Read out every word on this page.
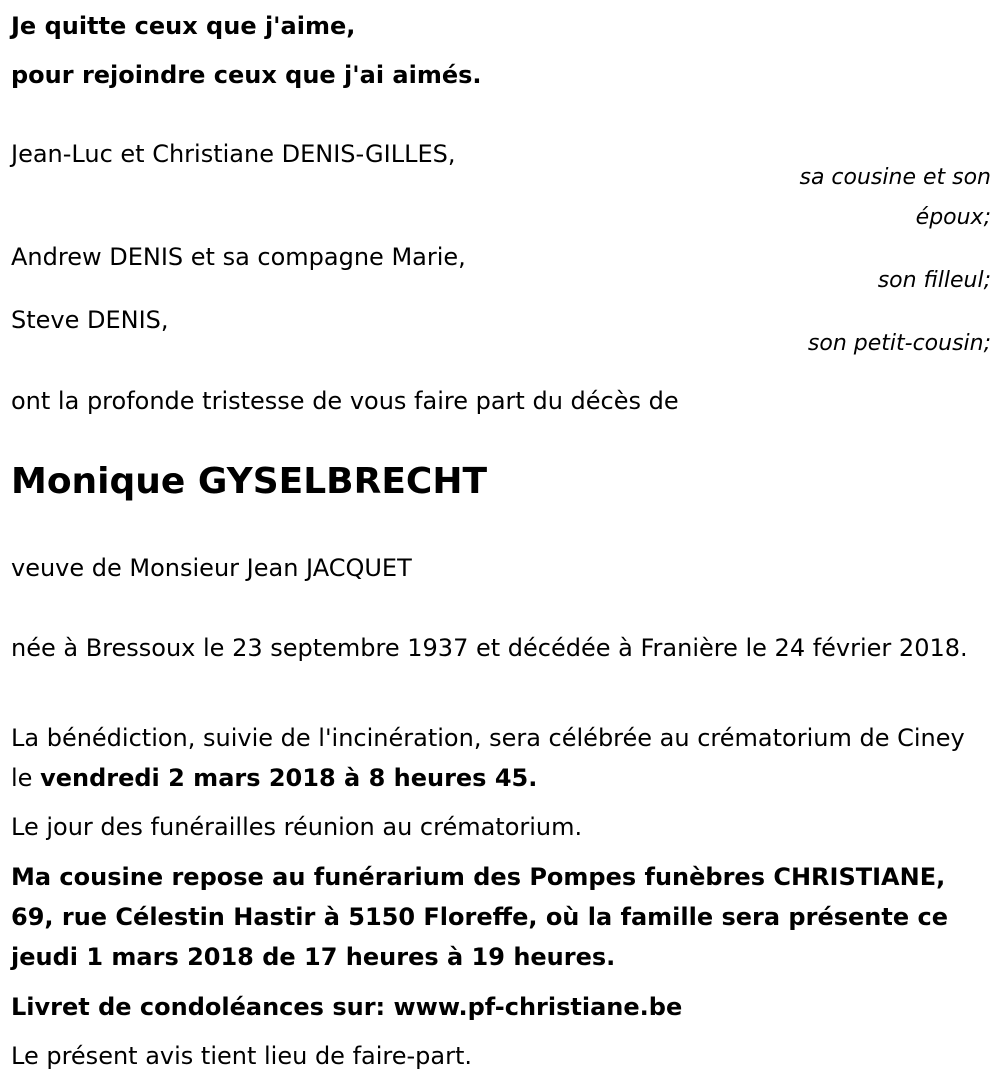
Je quitte ceux que j'aime,
pour rejoindre ceux que j'ai aimés.
Jean-Luc et Christiane DENIS-GILLES,
sa cousine et son
époux;
Andrew DENIS et sa compagne Marie,
son filleul;
Steve DENIS,
son petit-cousin;
ont la profonde tristesse de vous faire part du décès de
Monique GYSELBRECHT
veuve de Monsieur Jean JACQUET
née à Bressoux le 23 septembre 1937 et décédée à Franière le 24 février 2018.
La bénédiction, suivie de l'incinération, sera célébrée au crématorium de Ciney le vendredi 2 mars 2018 à 8 heures 45.
Le jour des funérailles réunion au crématorium.
Ma cousine repose au funérarium des Pompes funèbres CHRISTIANE, 69, rue Célestin Hastir à 5150 Floreffe, où la famille sera présente ce jeudi 1 mars 2018 de 17 heures à 19 heures.
Livret de condoléances sur: www.pf-christiane.be
Le présent avis tient lieu de faire-part.
